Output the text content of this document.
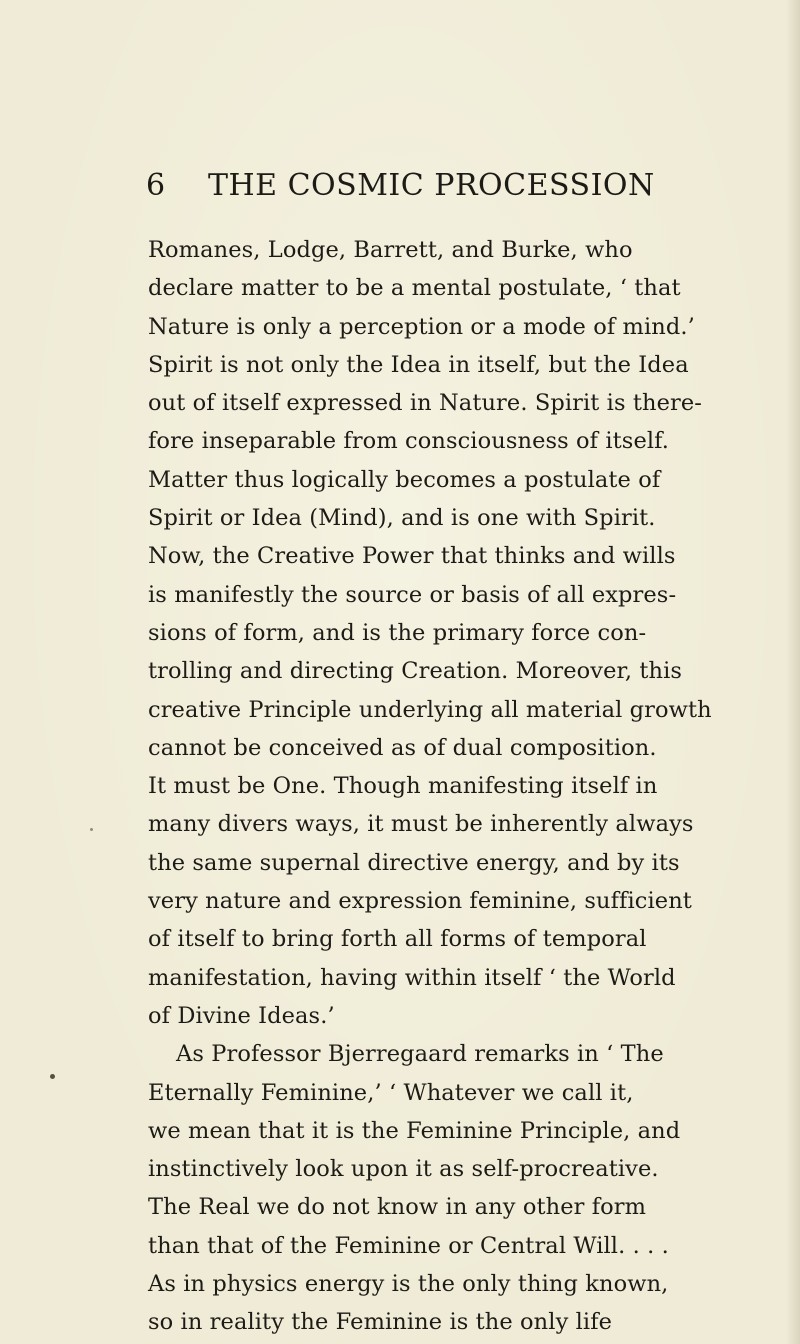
6 THE COSMIC PROCESSION
Romanes, Lodge, Barrett, and Burke, who
declare matter to be a mental postulate, ‘ that
Nature is only a perception or a mode of mind.’
Spirit is not only the Idea in itself, but the Idea
out of itself expressed in Nature. Spirit is there-
fore inseparable from consciousness of itself.
Matter thus logically becomes a postulate of
Spirit or Idea (Mind), and is one with Spirit.
Now, the Creative Power that thinks and wills
is manifestly the source or basis of all expres-
sions of form, and is the primary force con-
trolling and directing Creation. Moreover, this
creative Principle underlying all material growth
cannot be conceived as of dual composition.
It must be One. Though manifesting itself in
many divers ways, it must be inherently always
the same supernal directive energy, and by its
very nature and expression feminine, sufficient
of itself to bring forth all forms of temporal
manifestation, having within itself ‘ the World
of Divine Ideas.’
As Professor Bjerregaard remarks in ‘ The
Eternally Feminine,’ ‘ Whatever we call it,
we mean that it is the Feminine Principle, and
instinctively look upon it as self-procreative.
The Real we do not know in any other form
than that of the Feminine or Central Will. . . .
As in physics energy is the only thing known,
so in reality the Feminine is the only life
